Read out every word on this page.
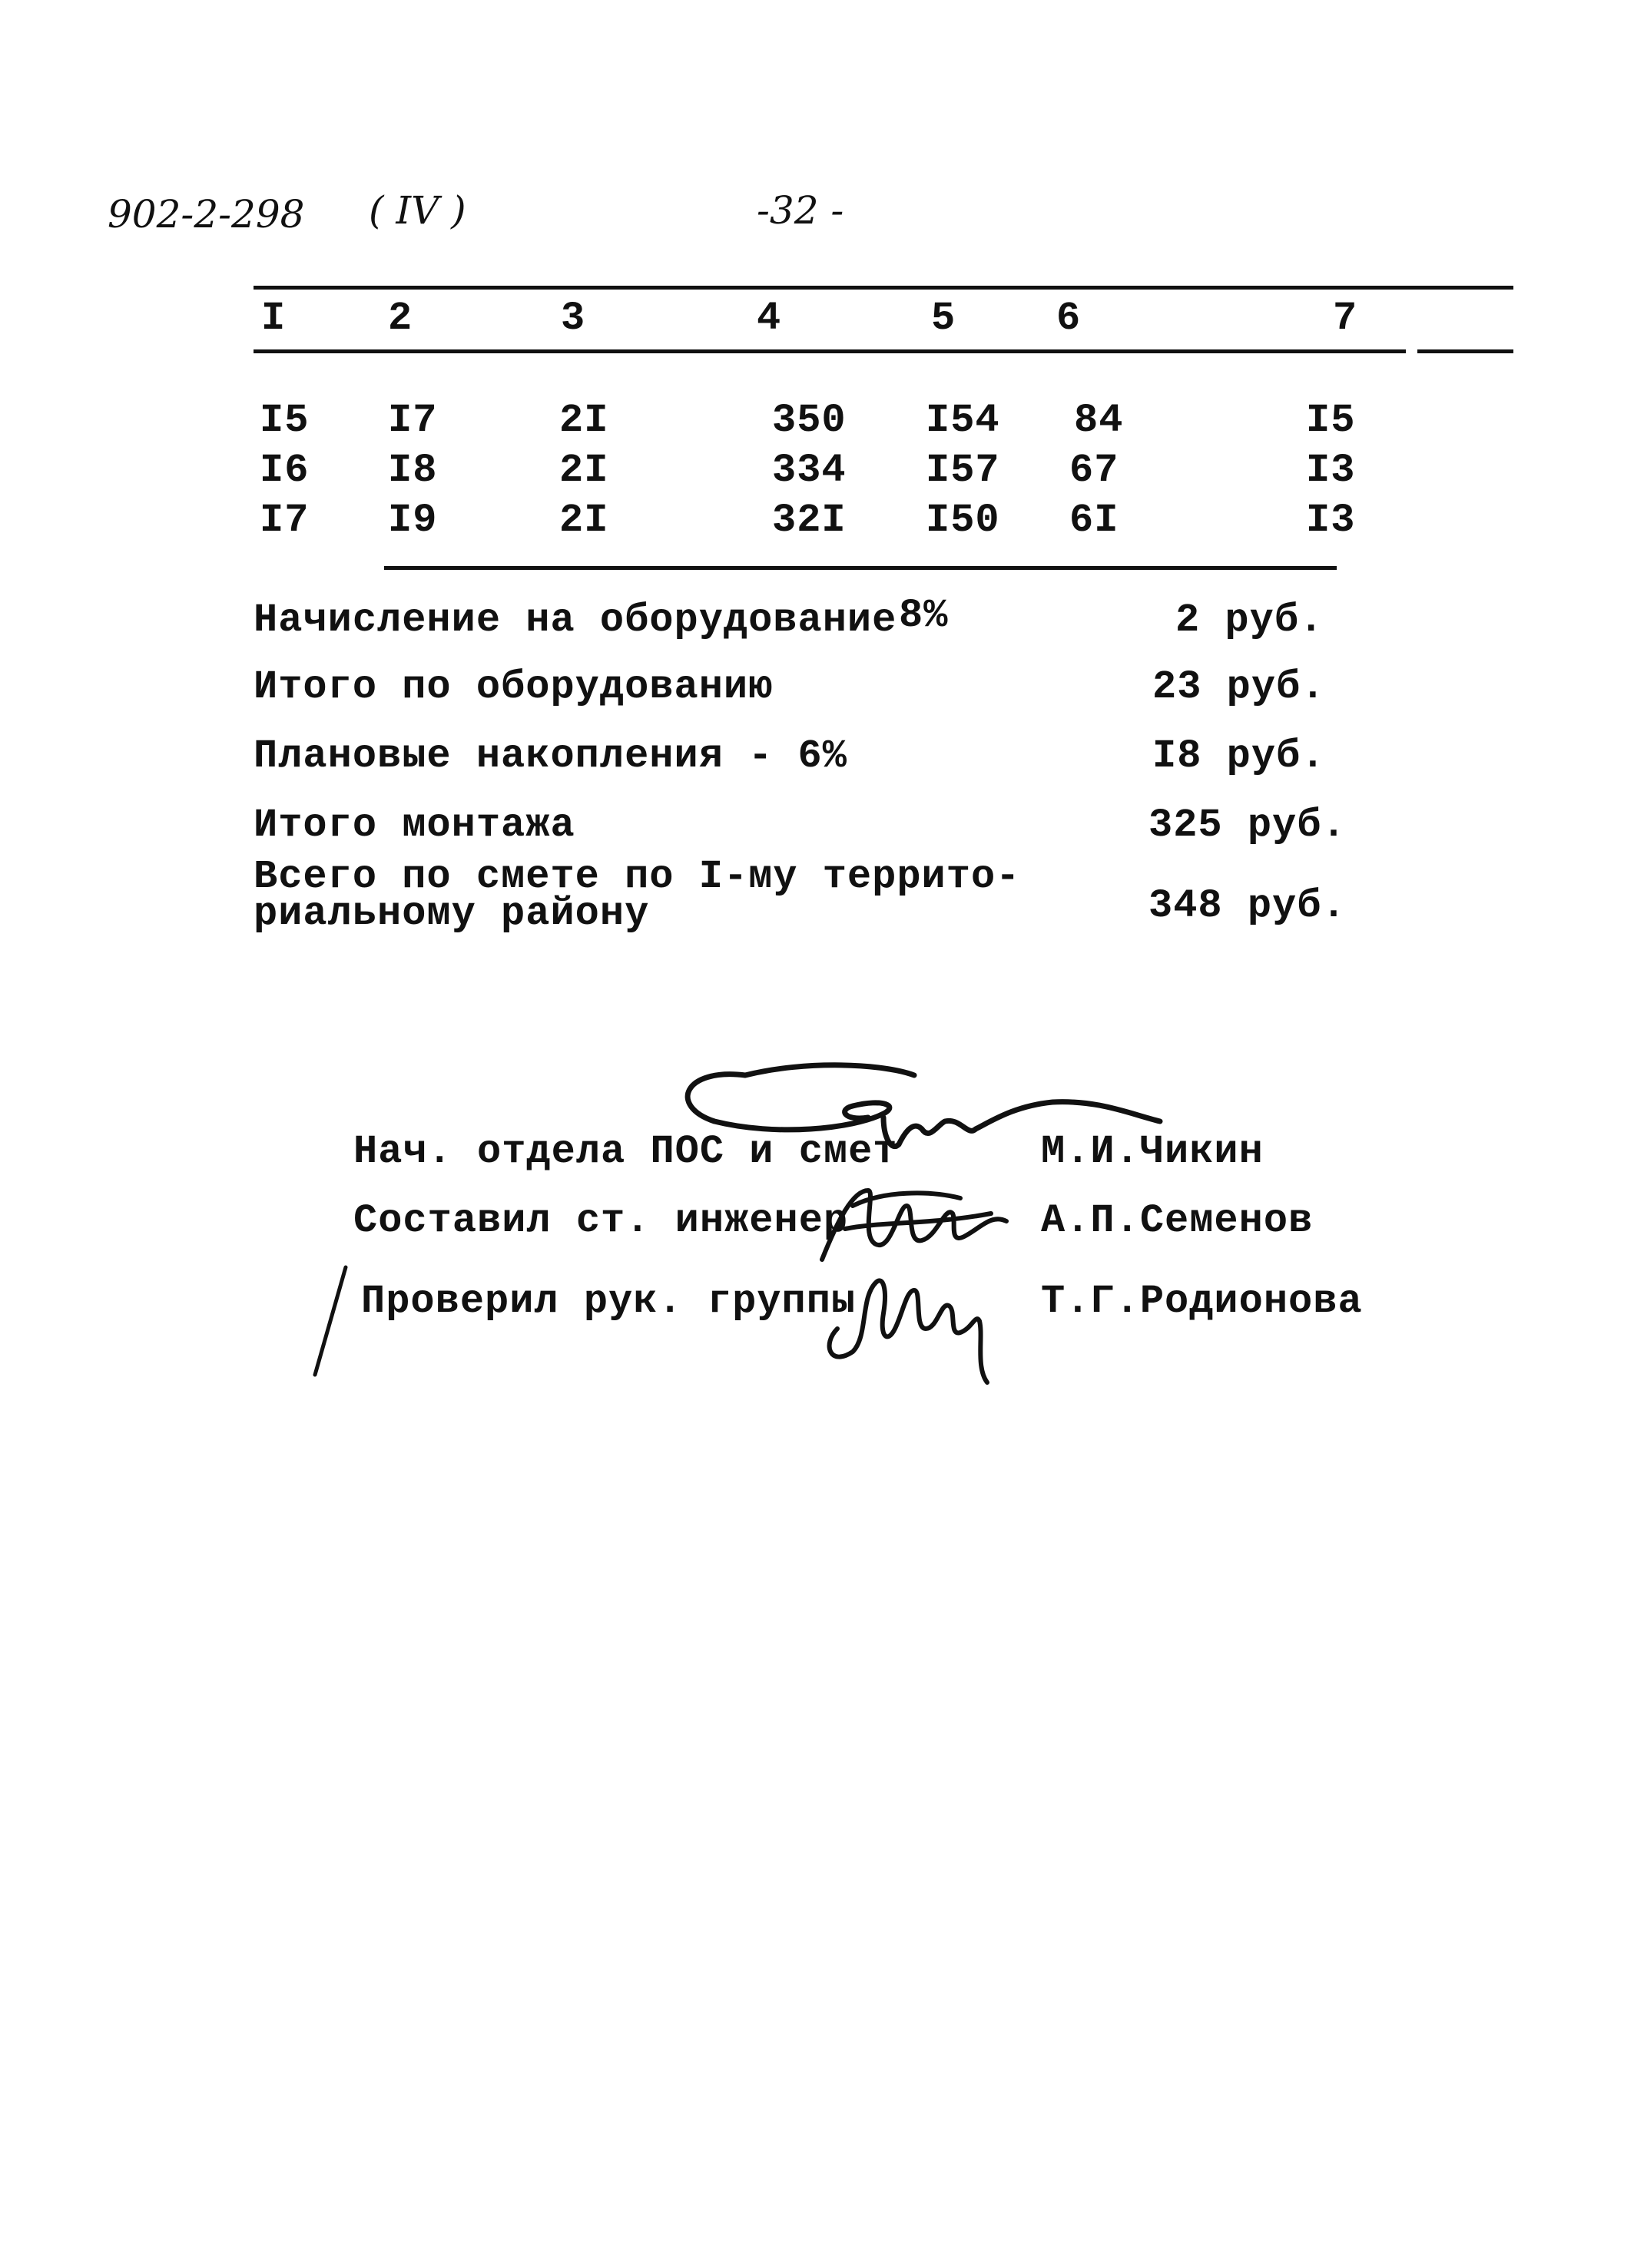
902-2-298 ( IV )	-32 -
I	2	3	4	5	6	7
I5 I7	2I	350 I54 84	I5
I6 I8	2I	334 I57 67	I3
I7 I9	2I	32I I50 6I	I3
Начисление на оборудование 8%	2 руб.
Итого по оборудованию	23 руб.
Плановые накопления - 6%	I8 руб.
Итого монтажа	325 руб.
Всего по смете по I-му террито-
риальному району	348 руб.
Нач. отдела ПОС и смет	М.И.Чикин
Составил ст. инженер	А.П.Семенов
Проверил рук. группы	Т.Г.Родионова
